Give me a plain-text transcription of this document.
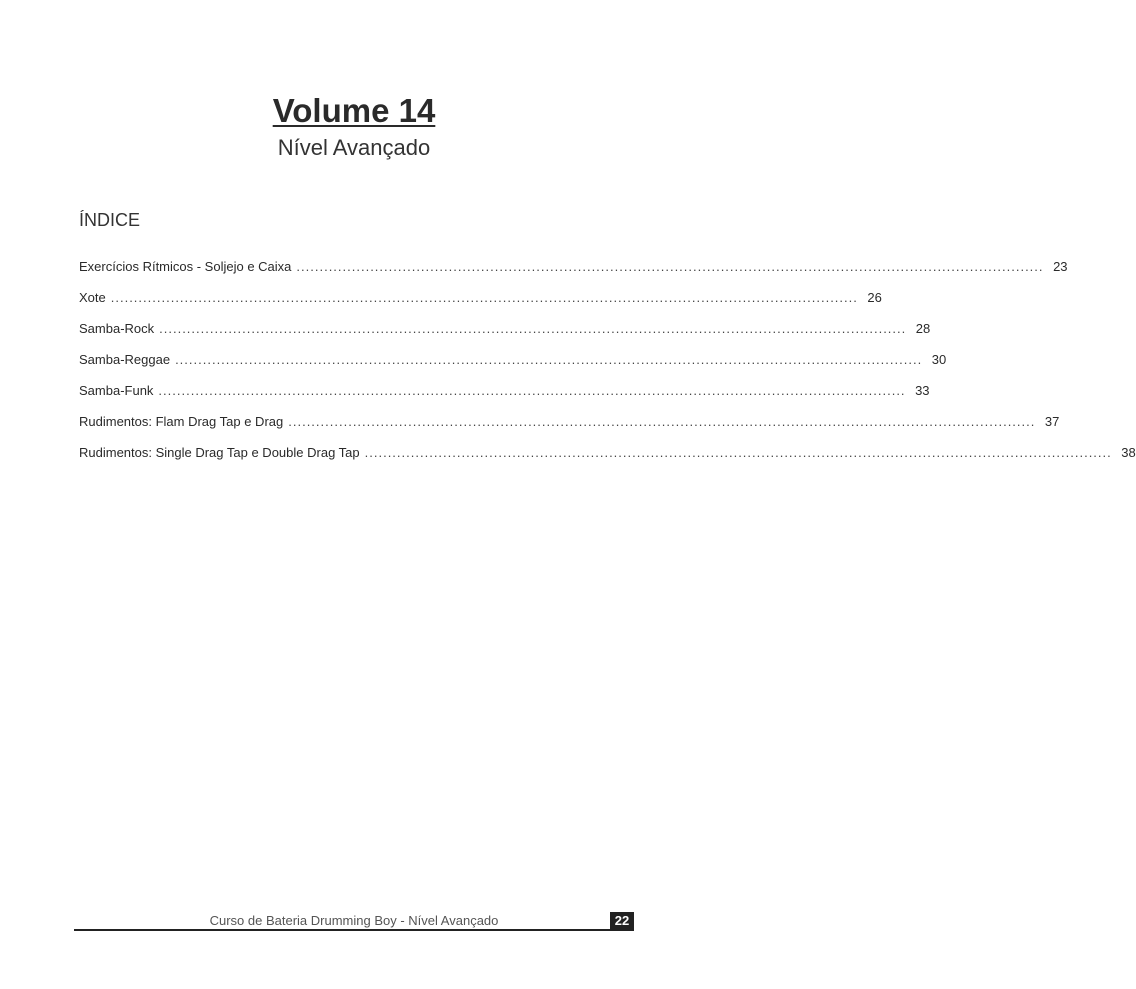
Volume 14
Nível Avançado
ÍNDICE
Exercícios Rítmicos - Soljejo e Caixa .................................................................................................................................................................. 23
Xote .................................................................................................................................................................. 26
Samba-Rock .................................................................................................................................................................. 28
Samba-Reggae .................................................................................................................................................................. 30
Samba-Funk .................................................................................................................................................................. 33
Rudimentos: Flam Drag Tap e Drag .................................................................................................................................................................. 37
Rudimentos: Single Drag Tap e Double Drag Tap .................................................................................................................................................................. 38
Curso de Bateria Drumming Boy - Nível Avançado	22
